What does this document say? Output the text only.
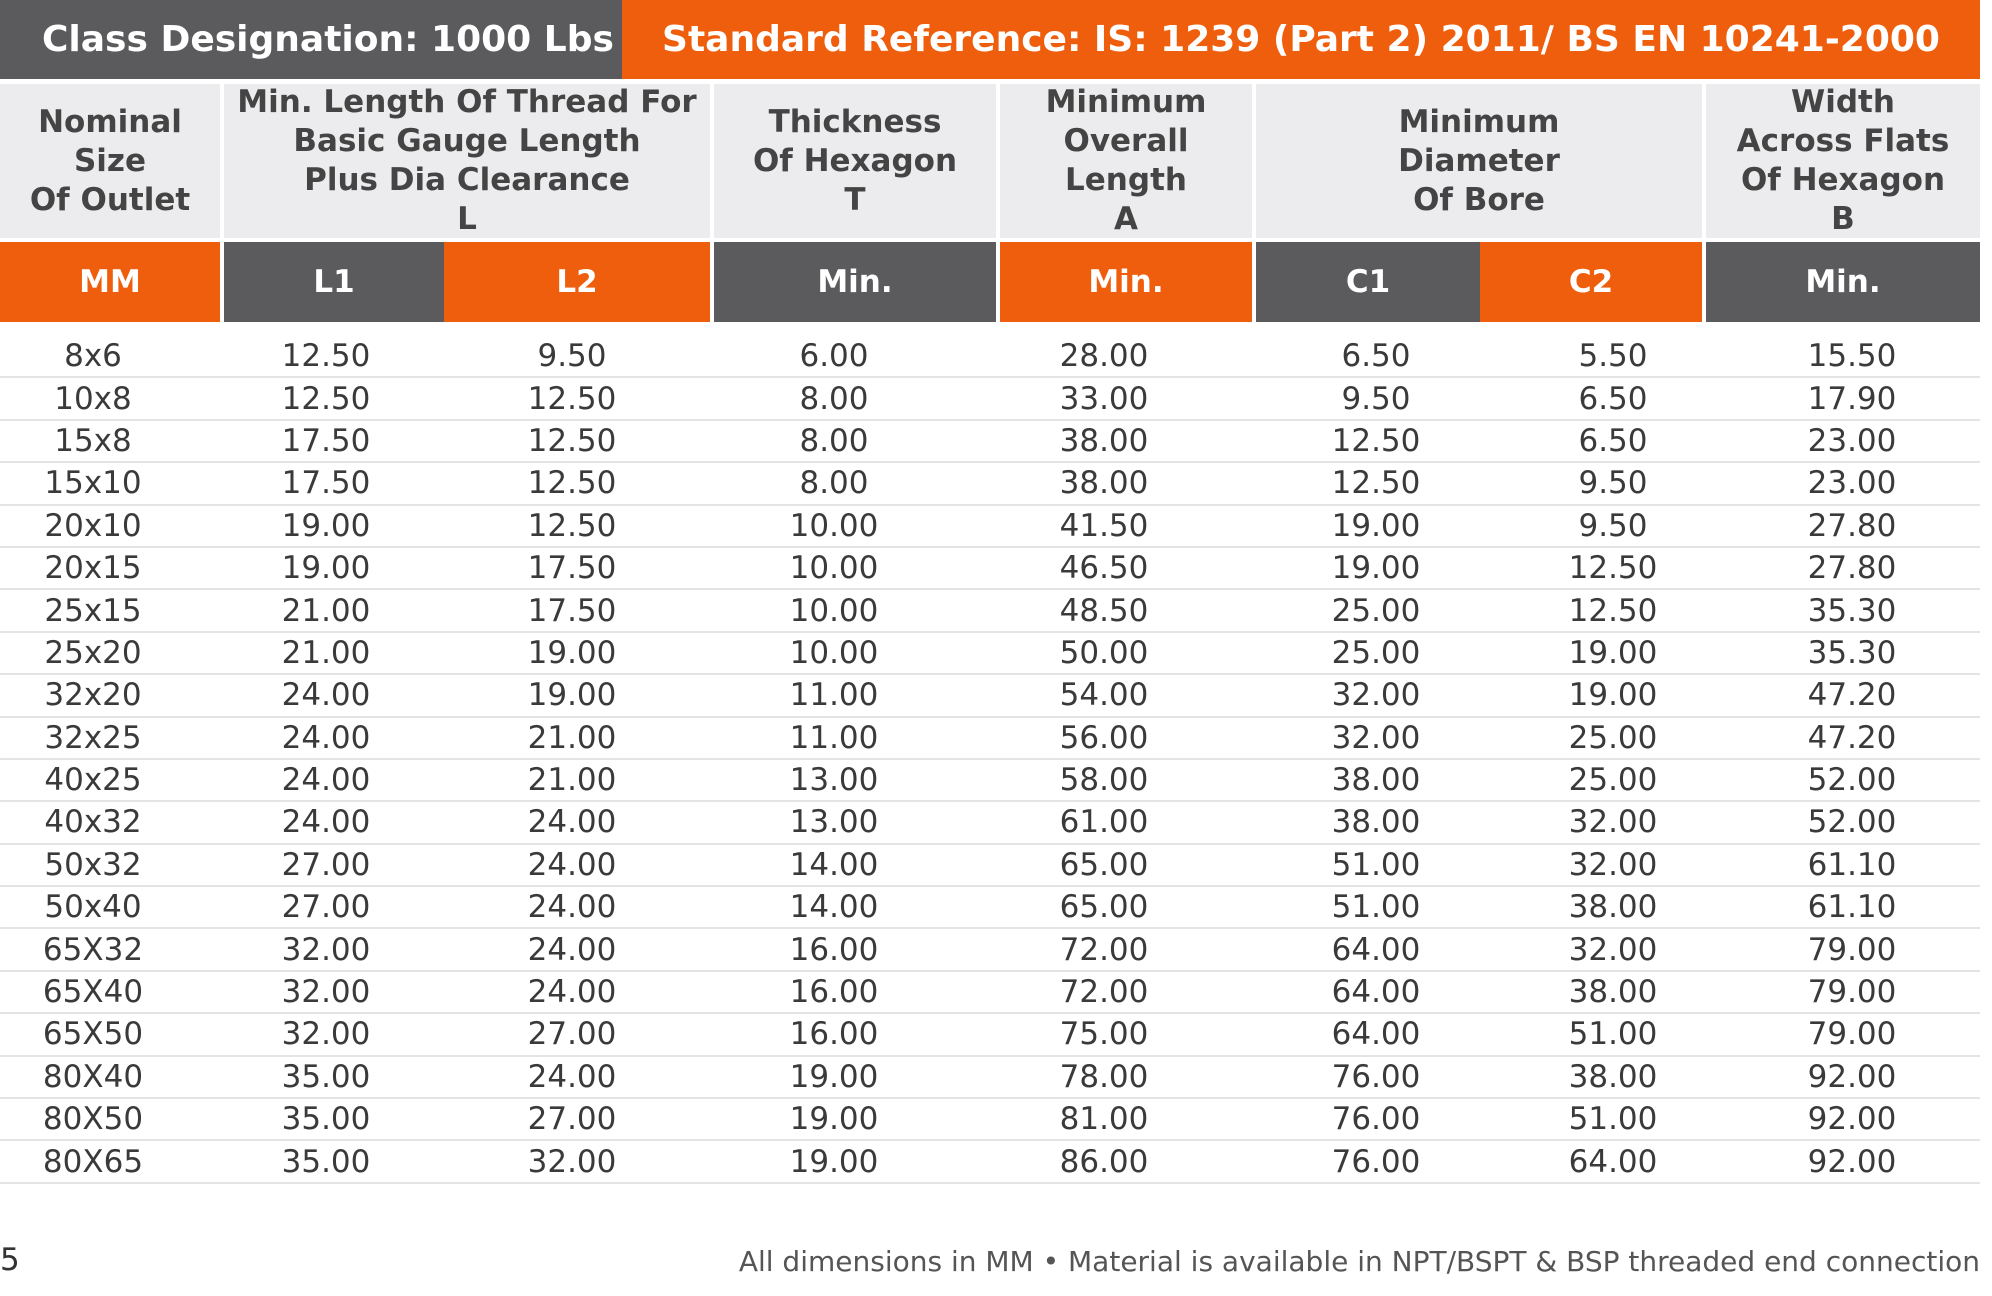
Class Designation: 1000 Lbs Standard Reference: IS: 1239 (Part 2) 2011/ BS EN 10241-2000
Nominal Size
Of Outlet
Min. Length Of Thread For
Basic Gauge Length
Plus Dia Clearance
L
Thickness
Of Hexagon
T
Minimum
Overall Length
A
Minimum
Diameter
Of Bore
Width
Across Flats
Of Hexagon
B
MM	L1	L2	Min.	Min.	C1	C2	Min.
8x6	12.50	9.50	6.00	28.00	6.50	5.50	15.50
10x8	12.50	12.50	8.00	33.00	9.50	6.50	17.90
15x8	17.50	12.50	8.00	38.00	12.50	6.50	23.00
15x10	17.50	12.50	8.00	38.00	12.50	9.50	23.00
20x10	19.00	12.50	10.00	41.50	19.00	9.50	27.80
20x15	19.00	17.50	10.00	46.50	19.00	12.50	27.80
25x15	21.00	17.50	10.00	48.50	25.00	12.50	35.30
25x20	21.00	19.00	10.00	50.00	25.00	19.00	35.30
32x20	24.00	19.00	11.00	54.00	32.00	19.00	47.20
32x25	24.00	21.00	11.00	56.00	32.00	25.00	47.20
40x25	24.00	21.00	13.00	58.00	38.00	25.00	52.00
40x32	24.00	24.00	13.00	61.00	38.00	32.00	52.00
50x32	27.00	24.00	14.00	65.00	51.00	32.00	61.10
50x40	27.00	24.00	14.00	65.00	51.00	38.00	61.10
65X32	32.00	24.00	16.00	72.00	64.00	32.00	79.00
65X40	32.00	24.00	16.00	72.00	64.00	38.00	79.00
65X50	32.00	27.00	16.00	75.00	64.00	51.00	79.00
80X40	35.00	24.00	19.00	78.00	76.00	38.00	92.00
80X50	35.00	27.00	19.00	81.00	76.00	51.00	92.00
80X65	35.00	32.00	19.00	86.00	76.00	64.00	92.00
5	All dimensions in MM • Material is available in NPT/BSPT & BSP threaded end connection
